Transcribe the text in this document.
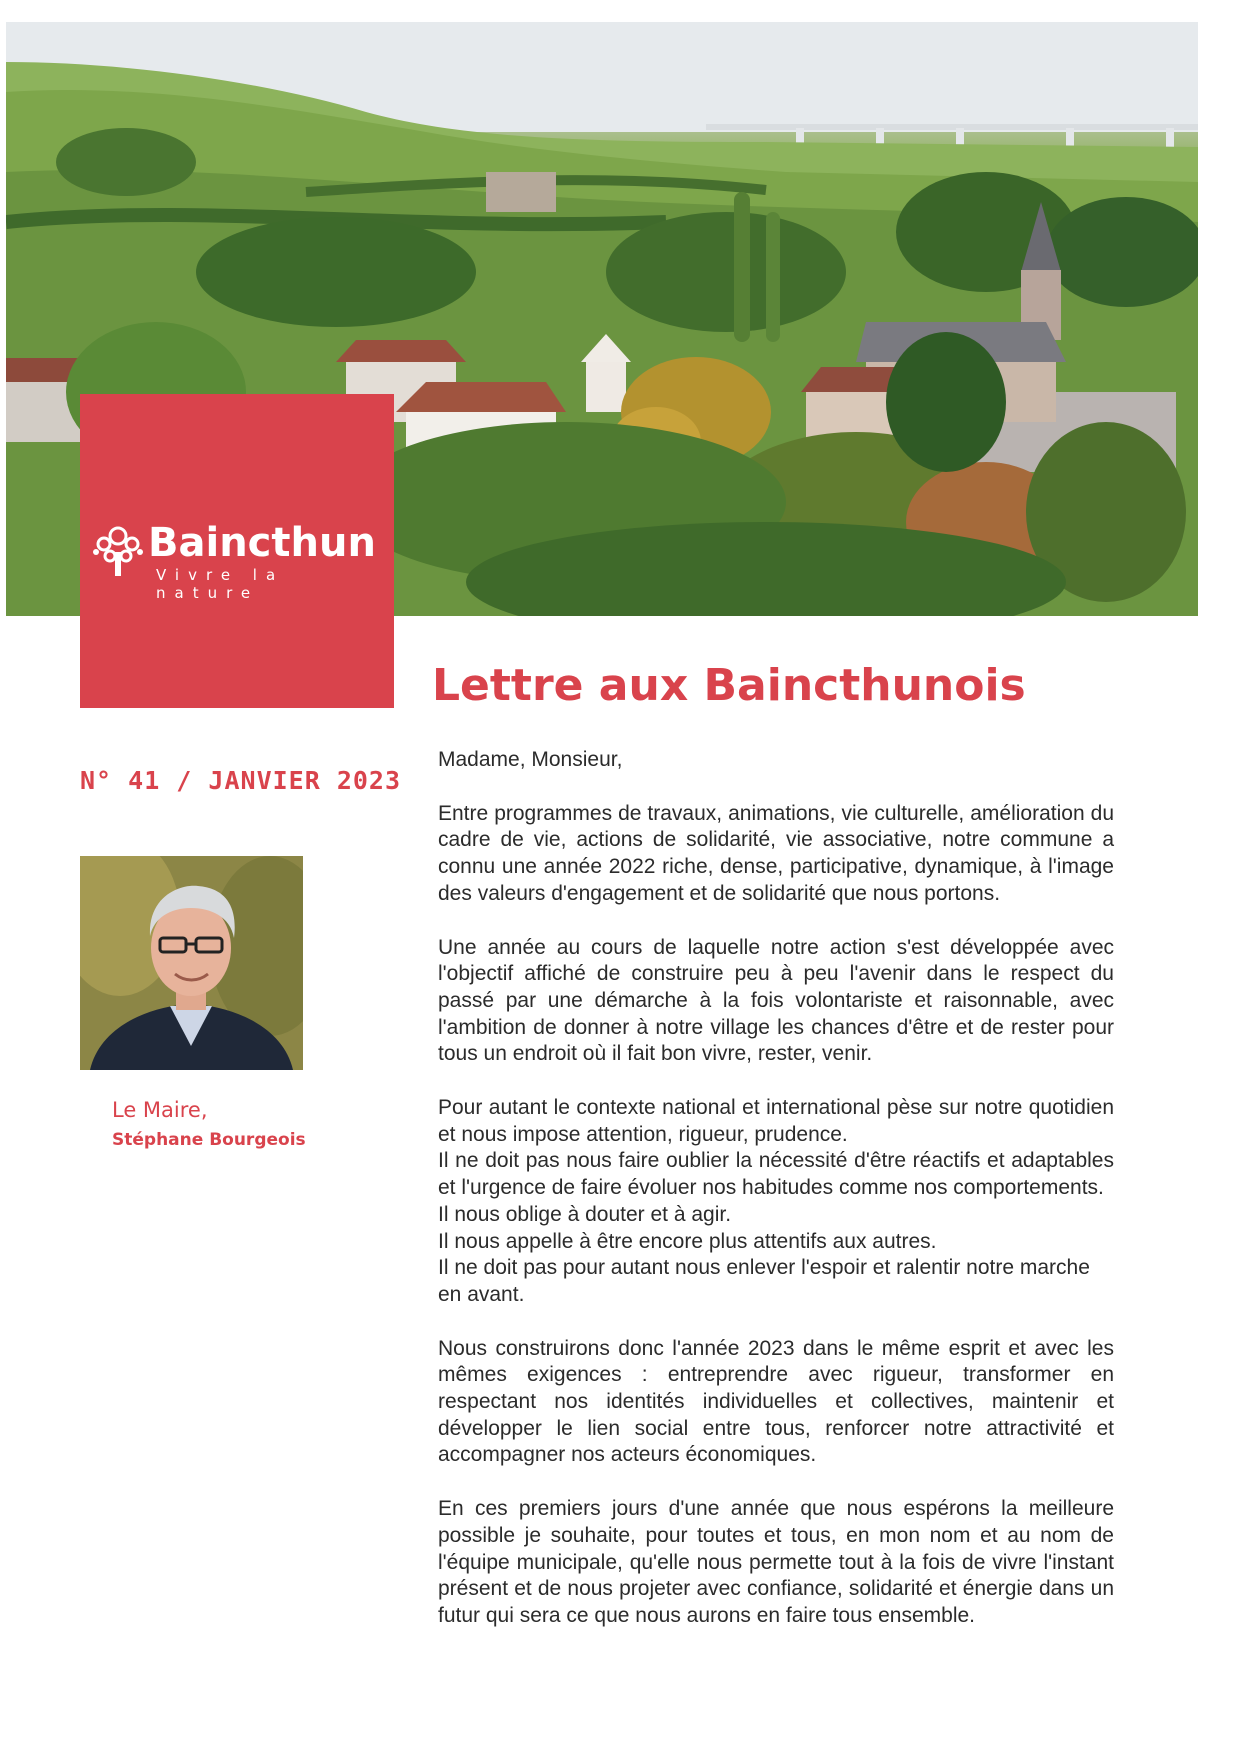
Baincthun
Vivre la nature
Lettre aux Baincthunois
N° 41 / JANVIER 2023
Le Maire,
Stéphane Bourgeois

Madame, Monsieur,

Entre programmes de travaux, animations, vie culturelle, amélioration du cadre de vie, actions de solidarité, vie associative, notre commune a connu une année 2022 riche, dense, participative, dynamique, à l'image des valeurs d'engagement et de solidarité que nous portons.

Une année au cours de laquelle notre action s'est développée avec l'objectif affiché de construire peu à peu l'avenir dans le respect du passé par une démarche à la fois volontariste et raisonnable, avec l'ambition de donner à notre village les chances d'être et de rester pour tous un endroit où il fait bon vivre, rester, venir.

Pour autant le contexte national et international pèse sur notre quotidien et nous impose attention, rigueur, prudence.
Il ne doit pas nous faire oublier la nécessité d'être réactifs et adaptables et l'urgence de faire évoluer nos habitudes comme nos comportements.
Il nous oblige à douter et à agir.
Il nous appelle à être encore plus attentifs aux autres.
Il ne doit pas pour autant nous enlever l'espoir et ralentir notre marche en avant.

Nous construirons donc l'année 2023 dans le même esprit et avec les mêmes exigences : entreprendre avec rigueur, transformer en respectant nos identités individuelles et collectives, maintenir et développer le lien social entre tous, renforcer notre attractivité et accompagner nos acteurs économiques.

En ces premiers jours d'une année que nous espérons la meilleure possible je souhaite, pour toutes et tous, en mon nom et au nom de l'équipe municipale, qu'elle nous permette tout à la fois de vivre l'instant présent et de nous projeter avec confiance, solidarité et énergie dans un futur qui sera ce que nous aurons en faire tous ensemble.
